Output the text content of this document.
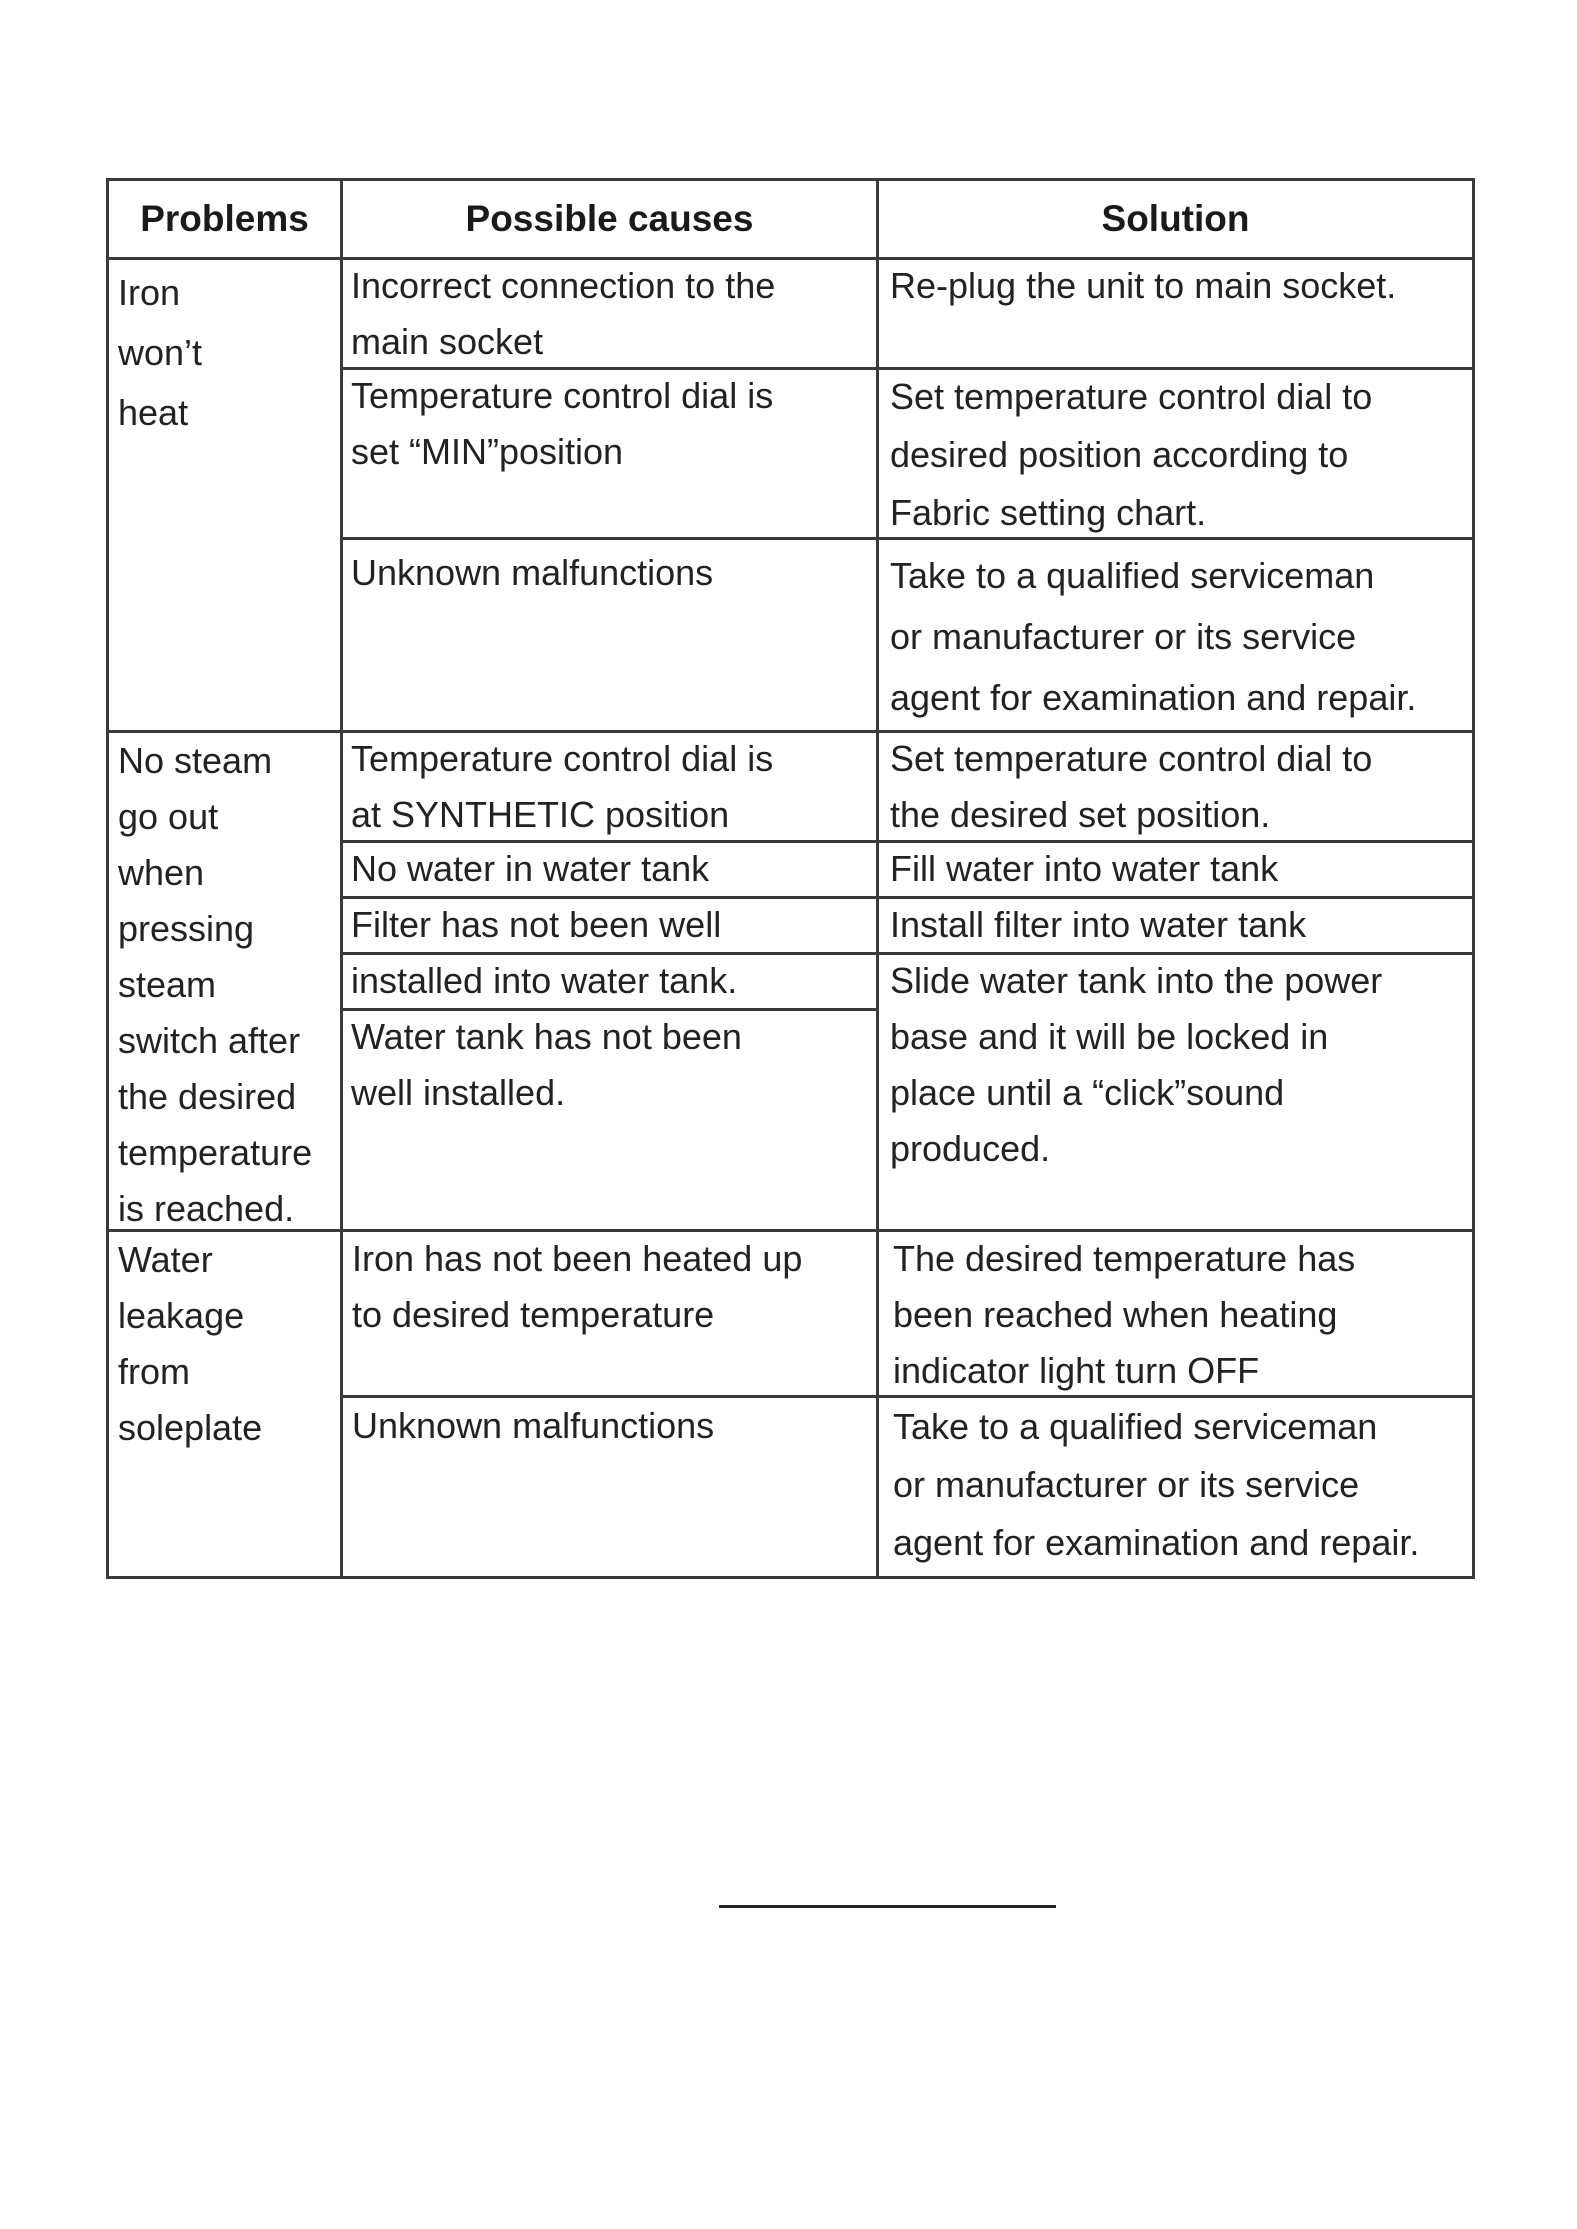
Problems	Possible causes	Solution
Iron
won’t
heat
No steam
go out
when
pressing
steam
switch after
the desired
temperature
is reached.
Water
leakage
from
soleplate
Incorrect connection to the
main socket
Temperature control dial is
set “MIN”position
Unknown malfunctions
Temperature control dial is
at SYNTHETIC position
No water in water tank
Filter has not been well
installed into water tank.
Water tank has not been
well installed.
Iron has not been heated up
to desired temperature
Unknown malfunctions
Re-plug the unit to main socket.
Set temperature control dial to
desired position according to
Fabric setting chart.
Take to a qualified serviceman
or manufacturer or its service
agent for examination and repair.
Set temperature control dial to
the desired set position.
Fill water into water tank
Install filter into water tank
Slide water tank into the power
base and it will be locked in
place until a “click”sound
produced.
The desired temperature has
been reached when heating
indicator light turn OFF
Take to a qualified serviceman
or manufacturer or its service
agent for examination and repair.
